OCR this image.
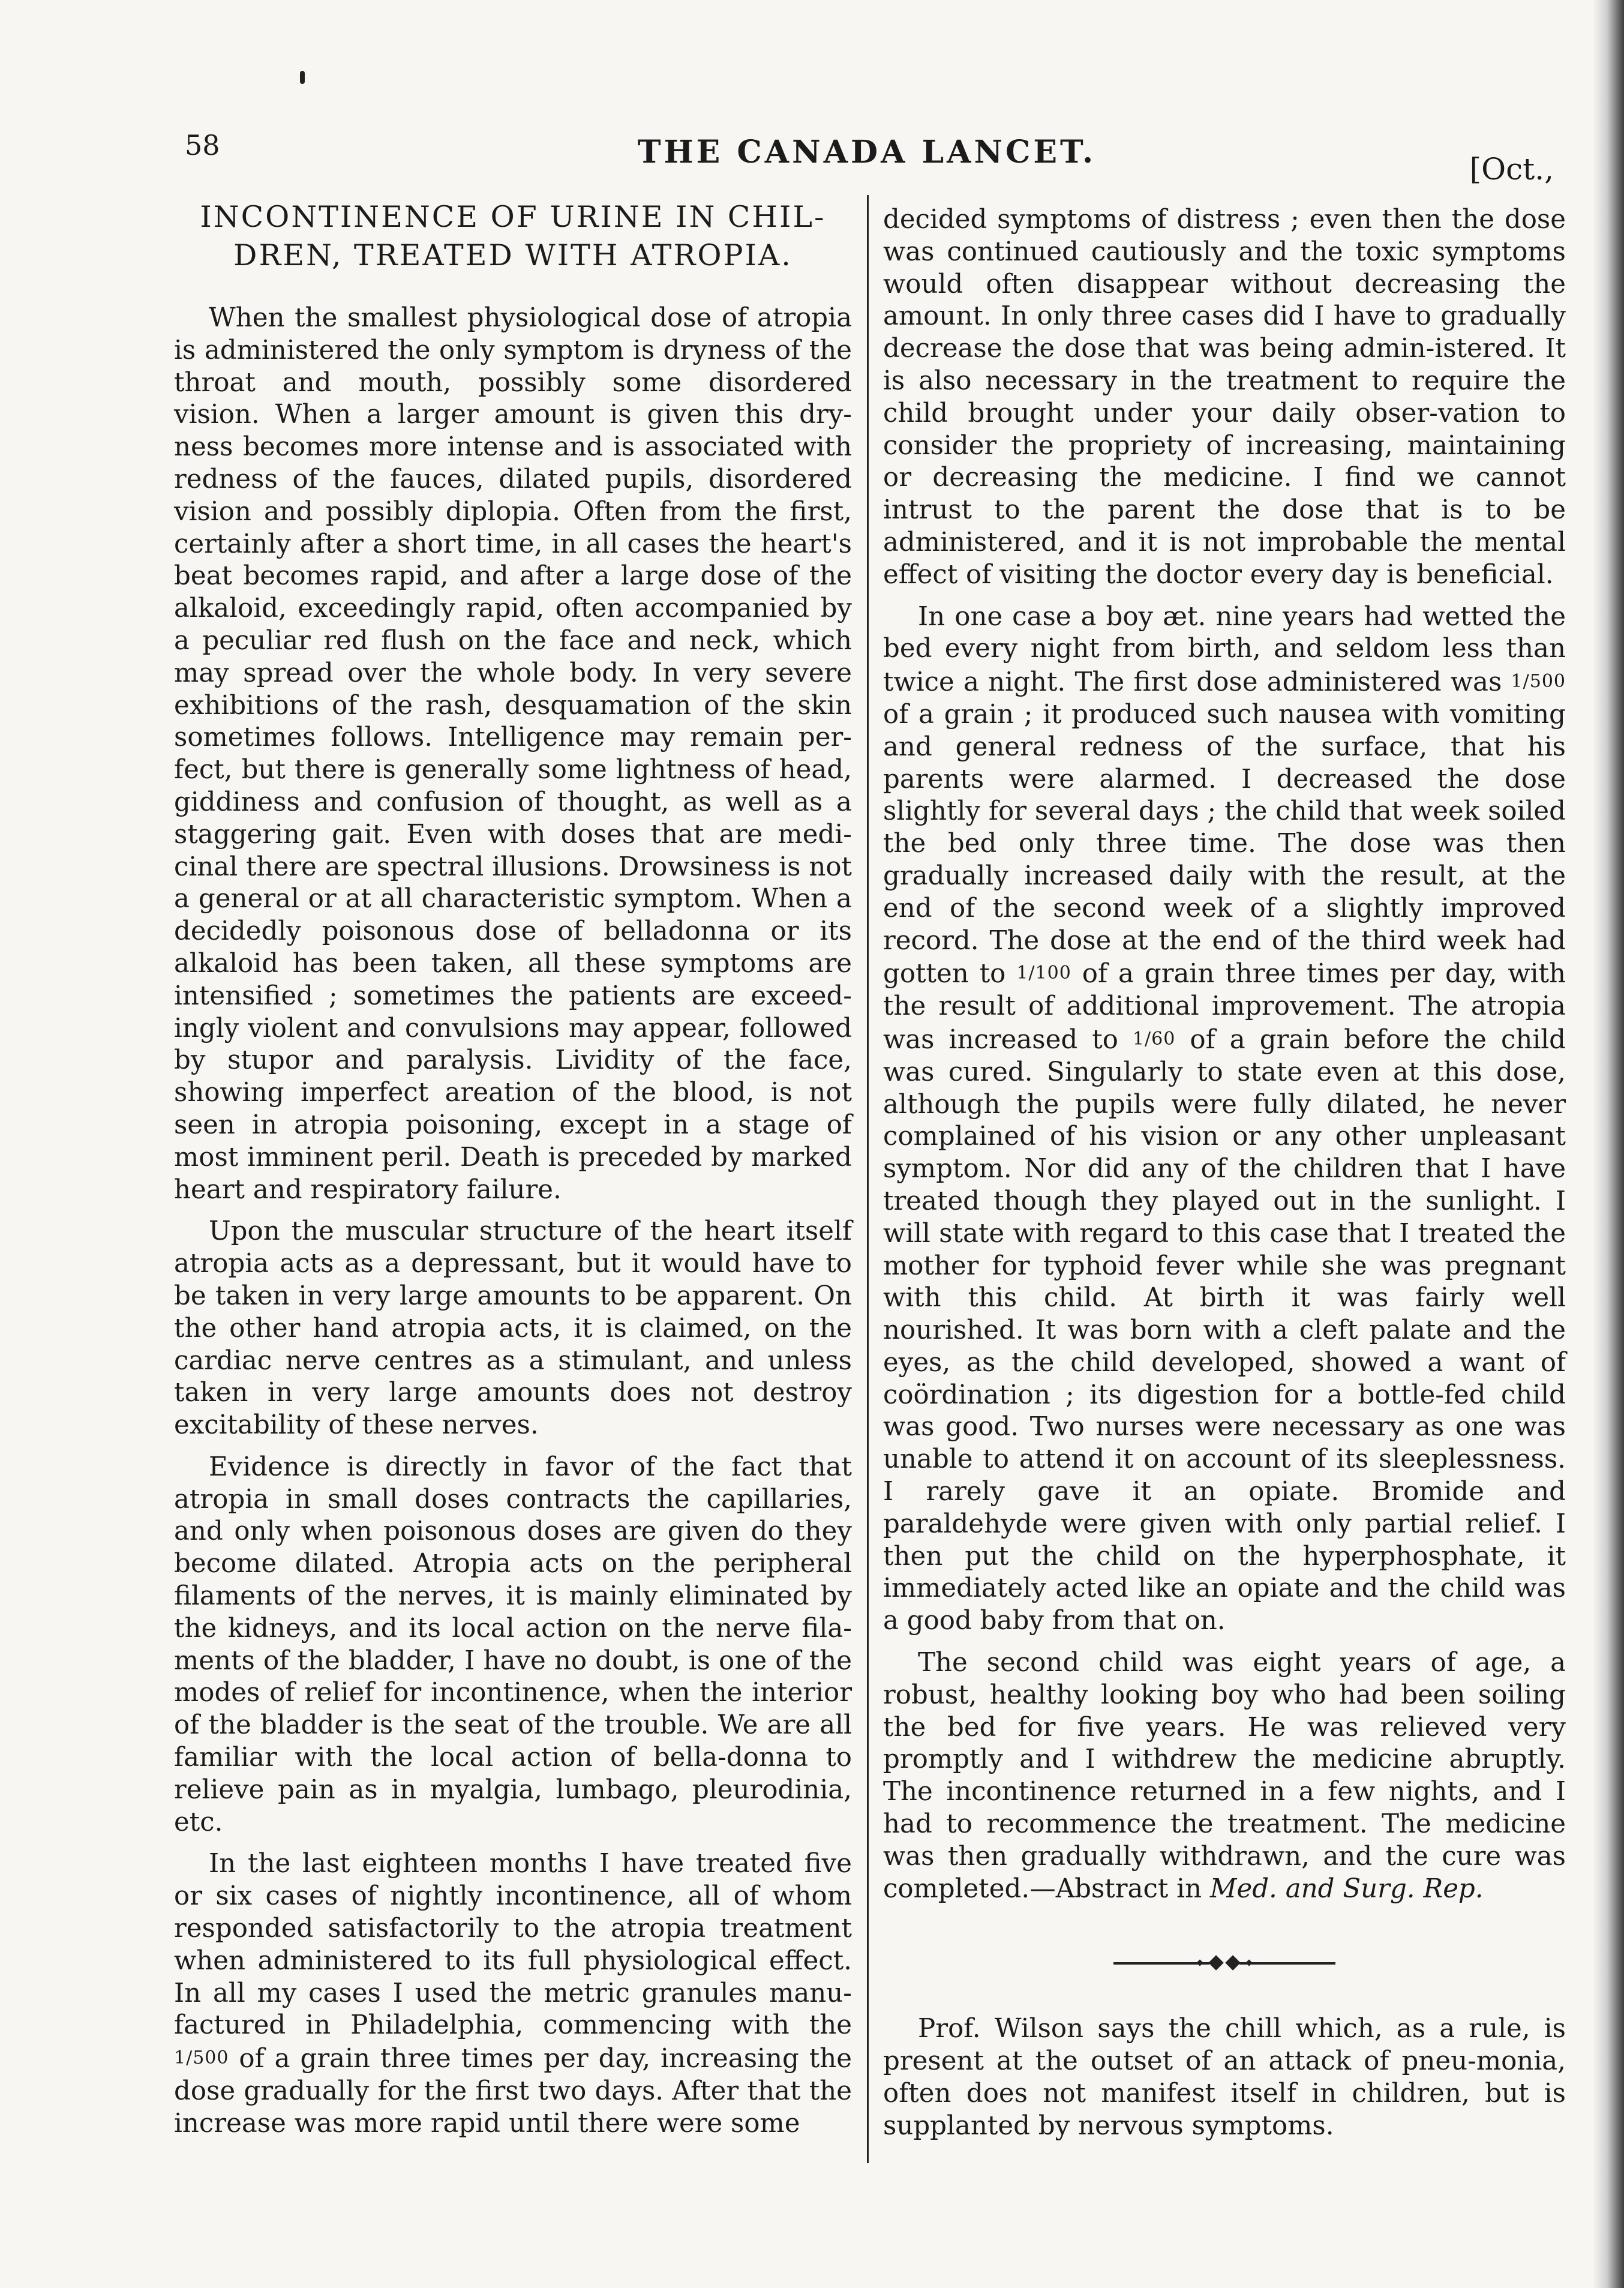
58	THE CANADA LANCET.	[Oct.,
INCONTINENCE OF URINE IN CHIL-DREN, TREATED WITH ATROPIA.

When the smallest physiological dose of atropia is administered the only symptom is dryness of the throat and mouth, possibly some disordered vision. When a larger amount is given this dry-ness becomes more intense and is associated with redness of the fauces, dilated pupils, disordered vision and possibly diplopia. Often from the first, certainly after a short time, in all cases the heart's beat becomes rapid, and after a large dose of the alkaloid, exceedingly rapid, often accompanied by a peculiar red flush on the face and neck, which may spread over the whole body. In very severe exhibitions of the rash, desquamation of the skin sometimes follows. Intelligence may remain per-fect, but there is generally some lightness of head, giddiness and confusion of thought, as well as a staggering gait. Even with doses that are medi-cinal there are spectral illusions. Drowsiness is not a general or at all characteristic symptom. When a decidedly poisonous dose of belladonna or its alkaloid has been taken, all these symptoms are intensified ; sometimes the patients are exceed-ingly violent and convulsions may appear, followed by stupor and paralysis. Lividity of the face, showing imperfect areation of the blood, is not seen in atropia poisoning, except in a stage of most imminent peril. Death is preceded by marked heart and respiratory failure.

Upon the muscular structure of the heart itself atropia acts as a depressant, but it would have to be taken in very large amounts to be apparent. On the other hand atropia acts, it is claimed, on the cardiac nerve centres as a stimulant, and unless taken in very large amounts does not destroy excitability of these nerves.

Evidence is directly in favor of the fact that atropia in small doses contracts the capillaries, and only when poisonous doses are given do they become dilated. Atropia acts on the peripheral filaments of the nerves, it is mainly eliminated by the kidneys, and its local action on the nerve fila-ments of the bladder, I have no doubt, is one of the modes of relief for incontinence, when the interior of the bladder is the seat of the trouble. We are all familiar with the local action of bella-donna to relieve pain as in myalgia, lumbago, pleurodinia, etc.

In the last eighteen months I have treated five or six cases of nightly incontinence, all of whom responded satisfactorily to the atropia treatment when administered to its full physiological effect. In all my cases I used the metric granules manu-factured in Philadelphia, commencing with the 1/500 of a grain three times per day, increasing the dose gradually for the first two days. After that the increase was more rapid until there were some

decided symptoms of distress ; even then the dose was continued cautiously and the toxic symptoms would often disappear without decreasing the amount. In only three cases did I have to gradually decrease the dose that was being admin-istered. It is also necessary in the treatment to require the child brought under your daily obser-vation to consider the propriety of increasing, maintaining or decreasing the medicine. I find we cannot intrust to the parent the dose that is to be administered, and it is not improbable the mental effect of visiting the doctor every day is beneficial.

In one case a boy æt. nine years had wetted the bed every night from birth, and seldom less than twice a night. The first dose administered was 1/500 of a grain ; it produced such nausea with vomiting and general redness of the surface, that his parents were alarmed. I decreased the dose slightly for several days ; the child that week soiled the bed only three time. The dose was then gradually increased daily with the result, at the end of the second week of a slightly improved record. The dose at the end of the third week had gotten to 1/100 of a grain three times per day, with the result of additional improvement. The atropia was increased to 1/60 of a grain before the child was cured. Singularly to state even at this dose, although the pupils were fully dilated, he never complained of his vision or any other unpleasant symptom. Nor did any of the children that I have treated though they played out in the sunlight. I will state with regard to this case that I treated the mother for typhoid fever while she was pregnant with this child. At birth it was fairly well nourished. It was born with a cleft palate and the eyes, as the child developed, showed a want of coördination ; its digestion for a bottle-fed child was good. Two nurses were necessary as one was unable to attend it on account of its sleeplessness. I rarely gave it an opiate. Bromide and paraldehyde were given with only partial relief. I then put the child on the hyperphosphate, it immediately acted like an opiate and the child was a good baby from that on.

The second child was eight years of age, a robust, healthy looking boy who had been soiling the bed for five years. He was relieved very promptly and I withdrew the medicine abruptly. The incontinence returned in a few nights, and I had to recommence the treatment. The medicine was then gradually withdrawn, and the cure was completed.—Abstract in Med. and Surg. Rep.

Prof. Wilson says the chill which, as a rule, is present at the outset of an attack of pneu-monia, often does not manifest itself in children, but is supplanted by nervous symptoms.
